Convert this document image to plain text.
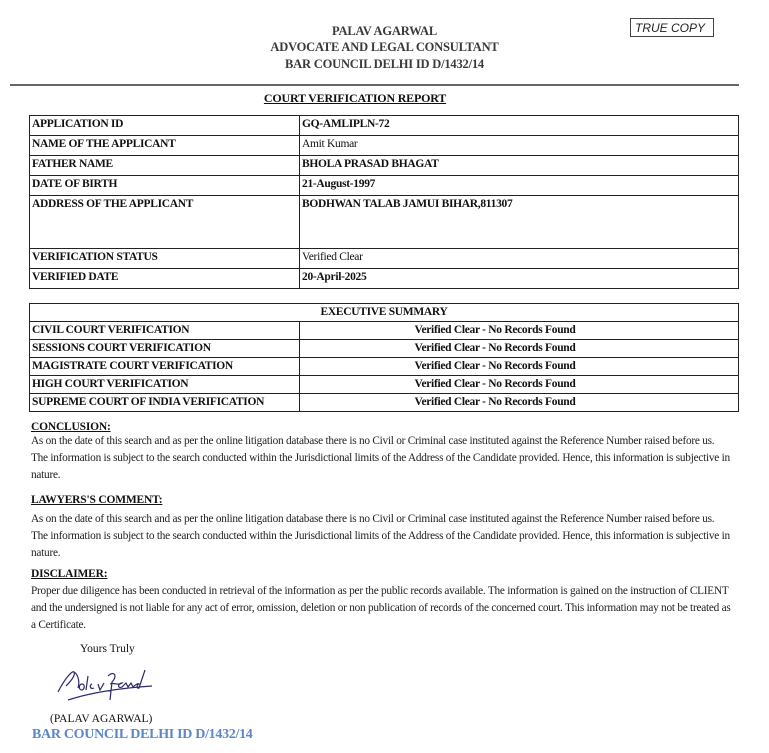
PALAV AGARWAL
ADVOCATE AND LEGAL CONSULTANT
BAR COUNCIL DELHI ID D/1432/14
TRUE COPY
COURT VERIFICATION REPORT
APPLICATION ID	GQ-AMLIPLN-72
NAME OF THE APPLICANT	Amit Kumar
FATHER NAME	BHOLA PRASAD BHAGAT
DATE OF BIRTH	21-August-1997
ADDRESS OF THE APPLICANT	BODHWAN TALAB JAMUI BIHAR,811307
VERIFICATION STATUS	Verified Clear
VERIFIED DATE	20-April-2025
EXECUTIVE SUMMARY	
CIVIL COURT VERIFICATION	Verified Clear - No Records Found
SESSIONS COURT VERIFICATION	Verified Clear - No Records Found
MAGISTRATE COURT VERIFICATION	Verified Clear - No Records Found
HIGH COURT VERIFICATION	Verified Clear - No Records Found
SUPREME COURT OF INDIA VERIFICATION	Verified Clear - No Records Found
CONCLUSION:
As on the date of this search and as per the online litigation database there is no Civil or Criminal case instituted against the Reference Number raised before us. The information is subject to the search conducted within the Jurisdictional limits of the Address of the Candidate provided. Hence, this information is subjective in nature.
LAWYERS'S COMMENT:
As on the date of this search and as per the online litigation database there is no Civil or Criminal case instituted against the Reference Number raised before us. The information is subject to the search conducted within the Jurisdictional limits of the Address of the Candidate provided. Hence, this information is subjective in nature.
DISCLAIMER:
Proper due diligence has been conducted in retrieval of the information as per the public records available. The information is gained on the instruction of CLIENT and the undersigned is not liable for any act of error, omission, deletion or non publication of records of the concerned court. This information may not be treated as a Certificate.
Yours Truly
(PALAV AGARWAL)
BAR COUNCIL DELHI ID D/1432/14
